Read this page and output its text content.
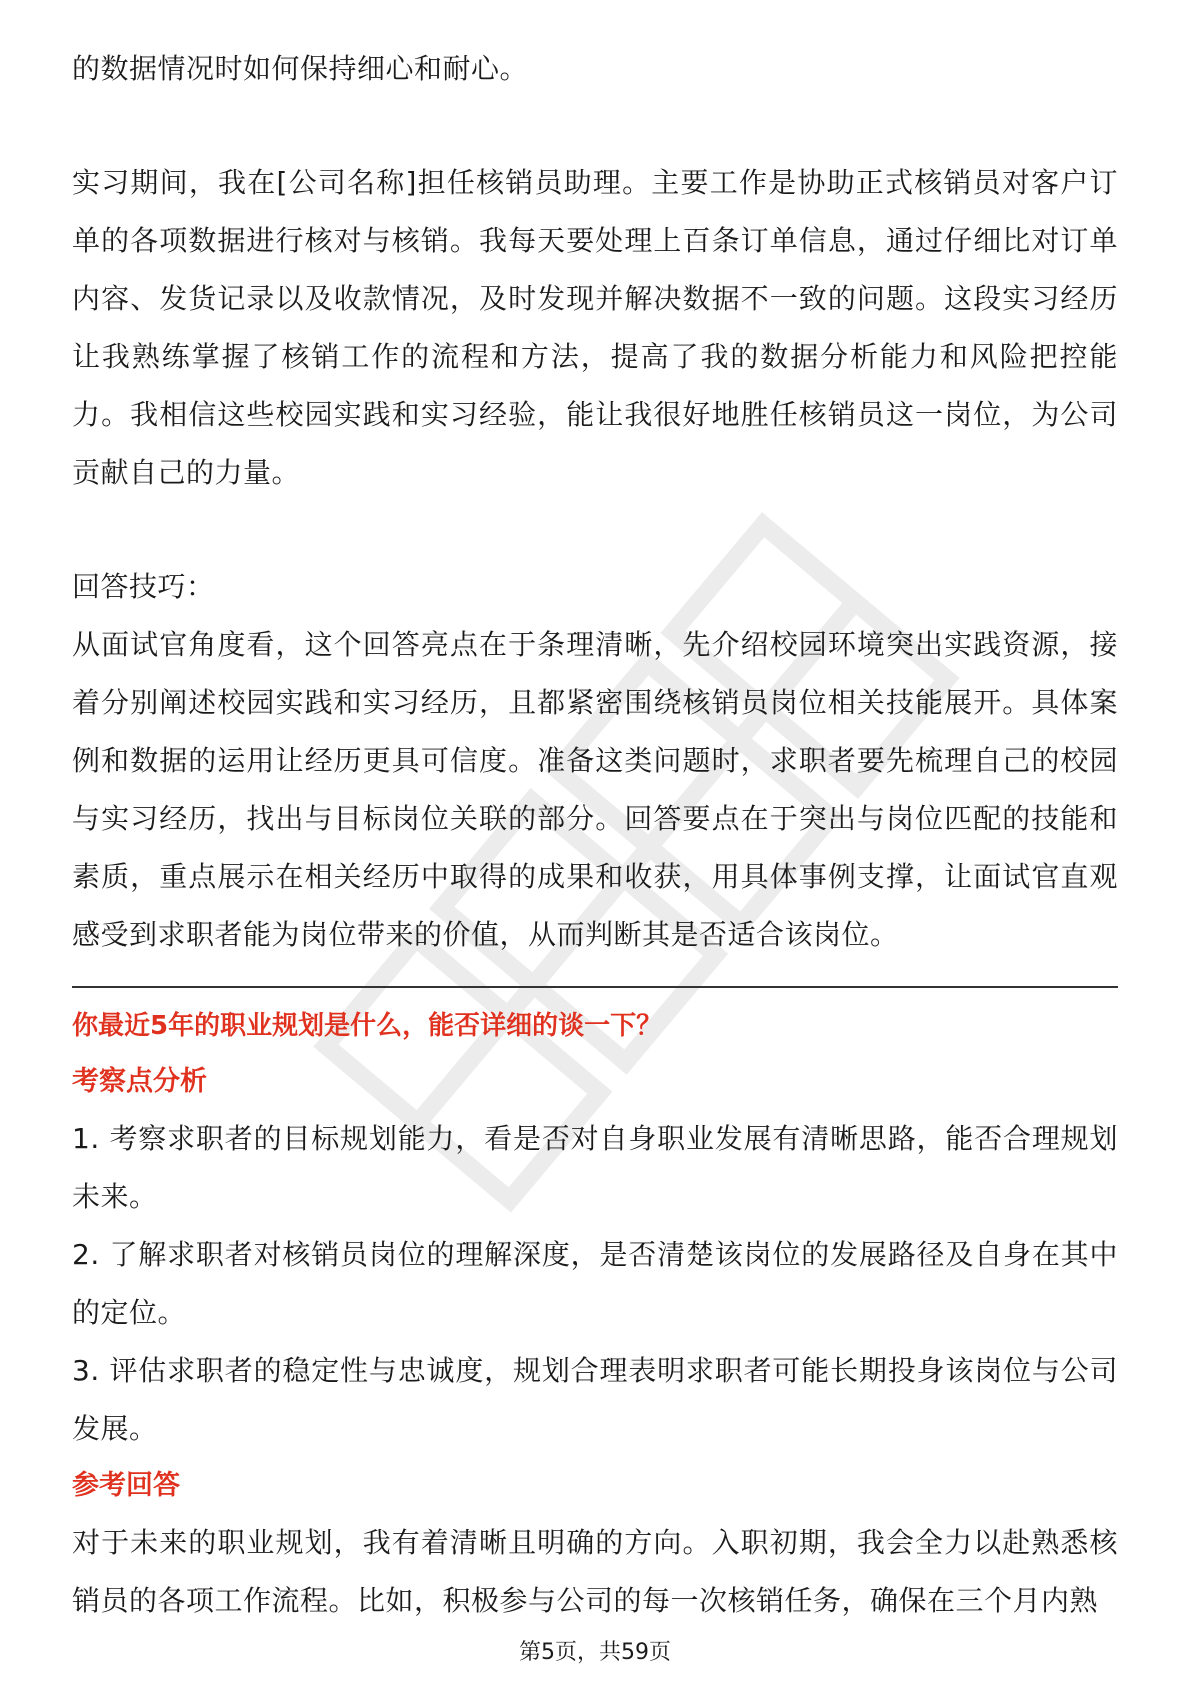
的数据情况时如何保持细心和耐心。

实习期间，我在[公司名称]担任核销员助理。主要工作是协助正式核销员对客户订单的各项数据进行核对与核销。我每天要处理上百条订单信息，通过仔细比对订单内容、发货记录以及收款情况，及时发现并解决数据不一致的问题。这段实习经历让我熟练掌握了核销工作的流程和方法，提高了我的数据分析能力和风险把控能力。我相信这些校园实践和实习经验，能让我很好地胜任核销员这一岗位，为公司贡献自己的力量。

回答技巧：

从面试官角度看，这个回答亮点在于条理清晰，先介绍校园环境突出实践资源，接着分别阐述校园实践和实习经历，且都紧密围绕核销员岗位相关技能展开。具体案例和数据的运用让经历更具可信度。准备这类问题时，求职者要先梳理自己的校园与实习经历，找出与目标岗位关联的部分。回答要点在于突出与岗位匹配的技能和素质，重点展示在相关经历中取得的成果和收获，用具体事例支撑，让面试官直观感受到求职者能为岗位带来的价值，从而判断其是否适合该岗位。

你最近5年的职业规划是什么，能否详细的谈一下？

考察点分析

1. 考察求职者的目标规划能力，看是否对自身职业发展有清晰思路，能否合理规划未来。

2. 了解求职者对核销员岗位的理解深度，是否清楚该岗位的发展路径及自身在其中的定位。

3. 评估求职者的稳定性与忠诚度，规划合理表明求职者可能长期投身该岗位与公司发展。

参考回答

对于未来的职业规划，我有着清晰且明确的方向。入职初期，我会全力以赴熟悉核销员的各项工作流程。比如，积极参与公司的每一次核销任务，确保在三个月内熟

第5页，共59页
